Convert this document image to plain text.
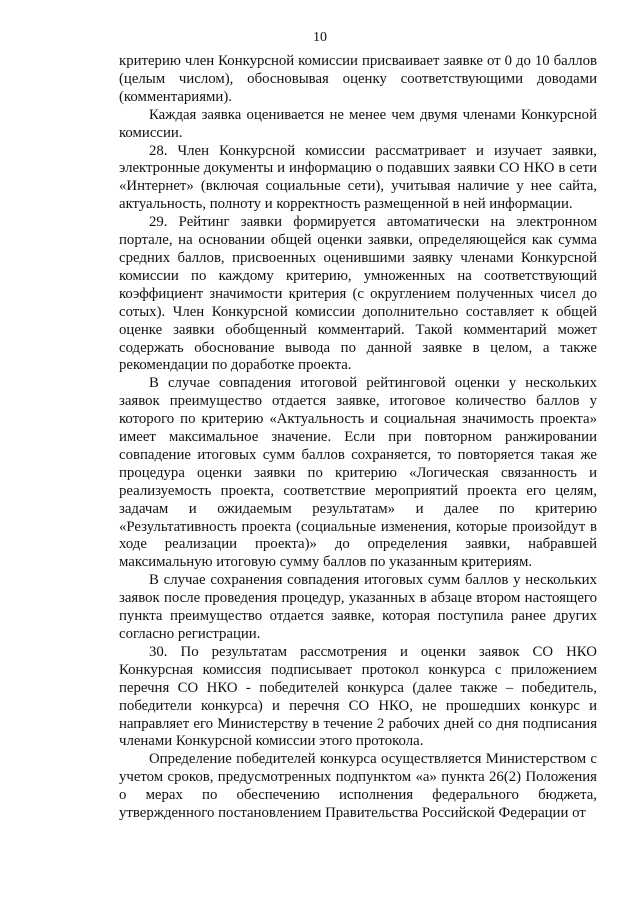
10

критерию член Конкурсной комиссии присваивает заявке от 0 до 10 баллов (целым числом), обосновывая оценку соответствующими доводами (комментариями).

Каждая заявка оценивается не менее чем двумя членами Конкурсной комиссии.

28. Член Конкурсной комиссии рассматривает и изучает заявки, электронные документы и информацию о подавших заявки СО НКО в сети «Интернет» (включая социальные сети), учитывая наличие у нее сайта, актуальность, полноту и корректность размещенной в ней информации.

29. Рейтинг заявки формируется автоматически на электронном портале, на основании общей оценки заявки, определяющейся как сумма средних баллов, присвоенных оценившими заявку членами Конкурсной комиссии по каждому критерию, умноженных на соответствующий коэффициент значимости критерия (с округлением полученных чисел до сотых). Член Конкурсной комиссии дополнительно составляет к общей оценке заявки обобщенный комментарий. Такой комментарий может содержать обоснование вывода по данной заявке в целом, а также рекомендации по доработке проекта.

В случае совпадения итоговой рейтинговой оценки у нескольких заявок преимущество отдается заявке, итоговое количество баллов у которого по критерию «Актуальность и социальная значимость проекта» имеет максимальное значение. Если при повторном ранжировании совпадение итоговых сумм баллов сохраняется, то повторяется такая же процедура оценки заявки по критерию «Логическая связанность и реализуемость проекта, соответствие мероприятий проекта его целям, задачам и ожидаемым результатам» и далее по критерию «Результативность проекта (социальные изменения, которые произойдут в ходе реализации проекта)» до определения заявки, набравшей максимальную итоговую сумму баллов по указанным критериям.

В случае сохранения совпадения итоговых сумм баллов у нескольких заявок после проведения процедур, указанных в абзаце втором настоящего пункта преимущество отдается заявке, которая поступила ранее других согласно регистрации.

30. По результатам рассмотрения и оценки заявок СО НКО Конкурсная комиссия подписывает протокол конкурса с приложением перечня СО НКО - победителей конкурса (далее также – победитель, победители конкурса) и перечня СО НКО, не прошедших конкурс и направляет его Министерству в течение 2 рабочих дней со дня подписания членами Конкурсной комиссии этого протокола.

Определение победителей конкурса осуществляется Министерством с учетом сроков, предусмотренных подпунктом «а» пункта 26(2) Положения о мерах по обеспечению исполнения федерального бюджета, утвержденного постановлением Правительства Российской Федерации от
